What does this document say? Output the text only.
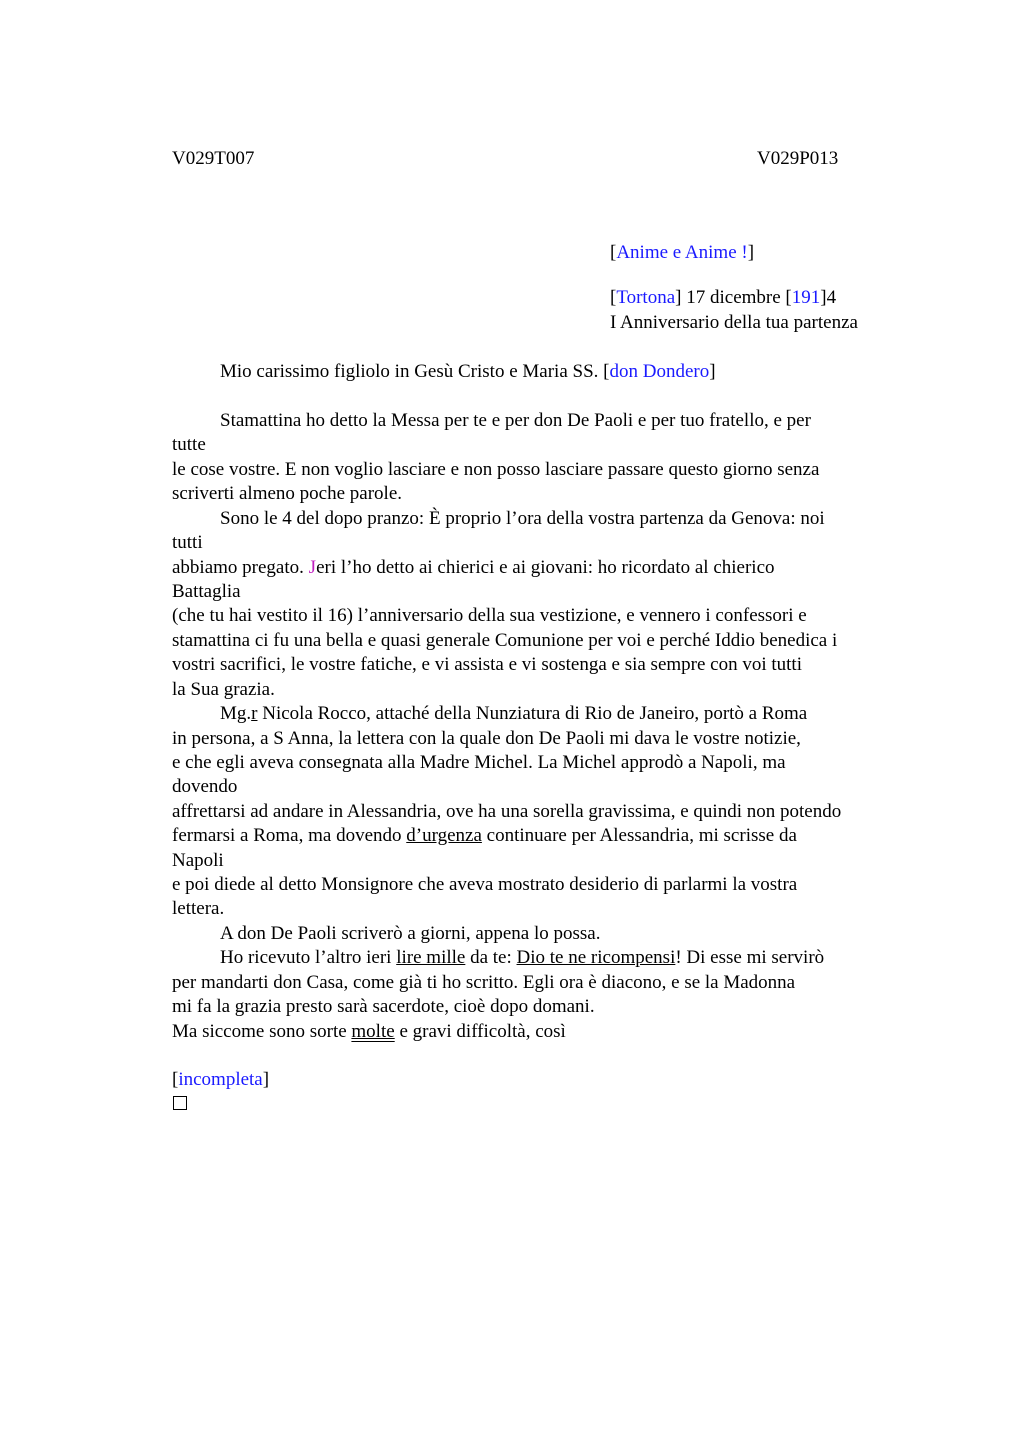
V029T007	V029P013
[Anime e Anime !]
[Tortona] 17 dicembre [191]4
I Anniversario della tua partenza
Mio carissimo figliolo in Gesù Cristo e Maria SS. [don Dondero]
Stamattina ho detto la Messa per te e per don De Paoli e per tuo fratello, e per
tutte
le cose vostre. E non voglio lasciare e non posso lasciare passare questo giorno senza
scriverti almeno poche parole.
Sono le 4 del dopo pranzo: È proprio l’ora della vostra partenza da Genova: noi
tutti
abbiamo pregato. Jeri l’ho detto ai chierici e ai giovani: ho ricordato al chierico
Battaglia
(che tu hai vestito il 16) l’anniversario della sua vestizione, e vennero i confessori e
stamattina ci fu una bella e quasi generale Comunione per voi e perché Iddio benedica i
vostri sacrifici, le vostre fatiche, e vi assista e vi sostenga e sia sempre con voi tutti
la Sua grazia.
Mg.r Nicola Rocco, attaché della Nunziatura di Rio de Janeiro, portò a Roma
in persona, a S Anna, la lettera con la quale don De Paoli mi dava le vostre notizie,
e che egli aveva consegnata alla Madre Michel. La Michel approdò a Napoli, ma
dovendo
affrettarsi ad andare in Alessandria, ove ha una sorella gravissima, e quindi non potendo
fermarsi a Roma, ma dovendo d’urgenza continuare per Alessandria, mi scrisse da
Napoli
e poi diede al detto Monsignore che aveva mostrato desiderio di parlarmi la vostra
lettera.
A don De Paoli scriverò a giorni, appena lo possa.
Ho ricevuto l’altro ieri lire mille da te: Dio te ne ricompensi! Di esse mi servirò
per mandarti don Casa, come già ti ho scritto. Egli ora è diacono, e se la Madonna
mi fa la grazia presto sarà sacerdote, cioè dopo domani.
Ma siccome sono sorte molte e gravi difficoltà, così
[incompleta]
